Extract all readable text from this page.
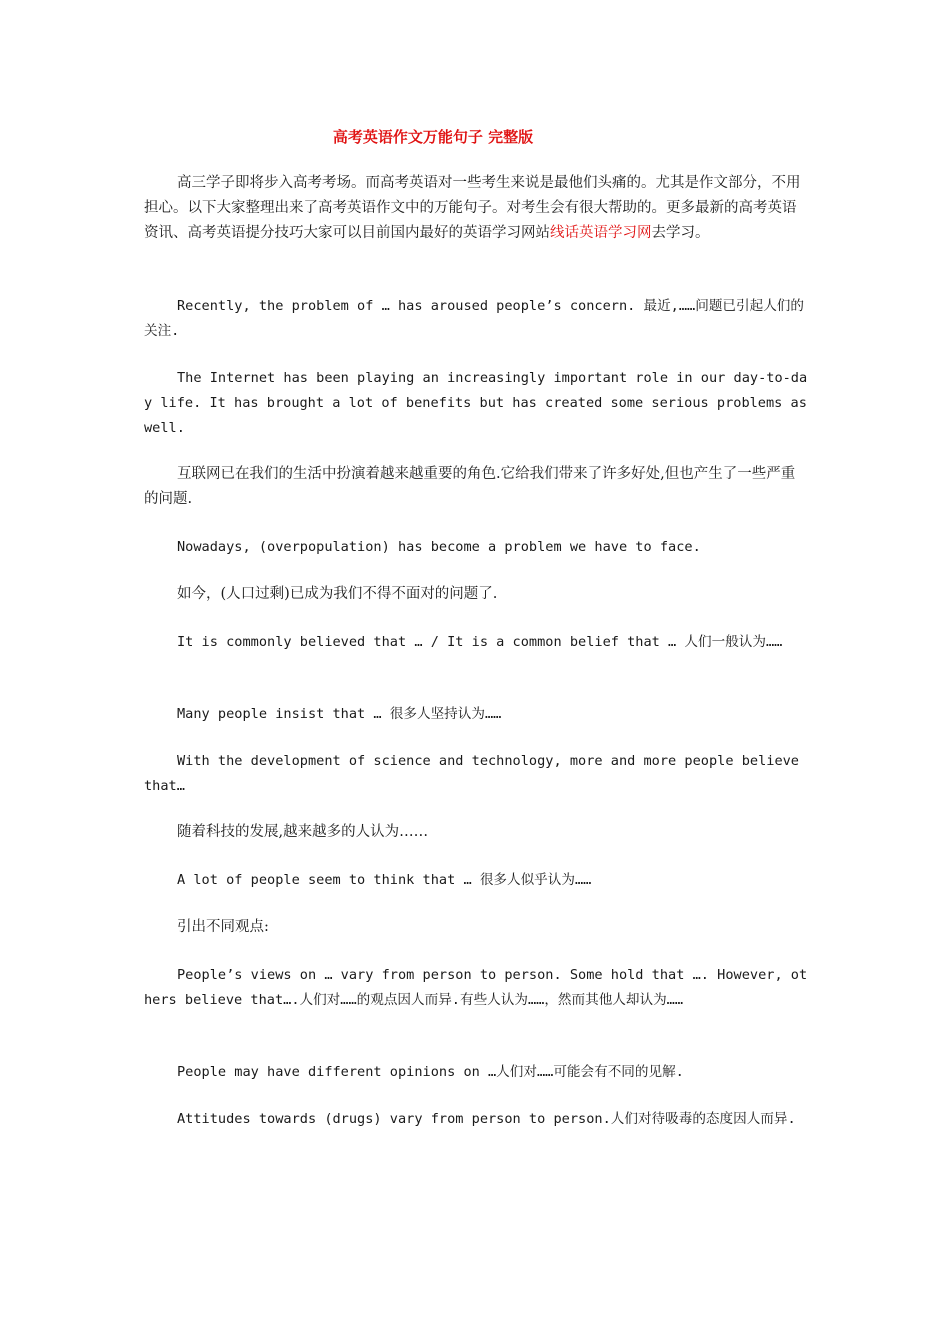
高考英语作文万能句子 完整版
高三学子即将步入高考考场。而高考英语对一些考生来说是最他们头痛的。尤其是作文部分，不用担心。以下大家整理出来了高考英语作文中的万能句子。对考生会有很大帮助的。更多最新的高考英语资讯、高考英语提分技巧大家可以目前国内最好的英语学习网站线话英语学习网去学习。
Recently, the problem of … has aroused people’s concern. 最近,……问题已引起人们的关注.
The Internet has been playing an increasingly important role in our day-to-day life. It has brought a lot of benefits but has created some serious problems as well.
互联网已在我们的生活中扮演着越来越重要的角色.它给我们带来了许多好处,但也产生了一些严重的问题.
Nowadays, (overpopulation) has become a problem we have to face.
如今，(人口过剩)已成为我们不得不面对的问题了.
It is commonly believed that … / It is a common belief that … 人们一般认为……
Many people insist that … 很多人坚持认为……
With the development of science and technology, more and more people believe that…
随着科技的发展,越来越多的人认为……
A lot of people seem to think that … 很多人似乎认为……
引出不同观点:
People’s views on … vary from person to person. Some hold that …. However, others believe that….人们对……的观点因人而异.有些人认为……，然而其他人却认为……
People may have different opinions on …人们对……可能会有不同的见解.
Attitudes towards (drugs) vary from person to person.人们对待吸毒的态度因人而异.
